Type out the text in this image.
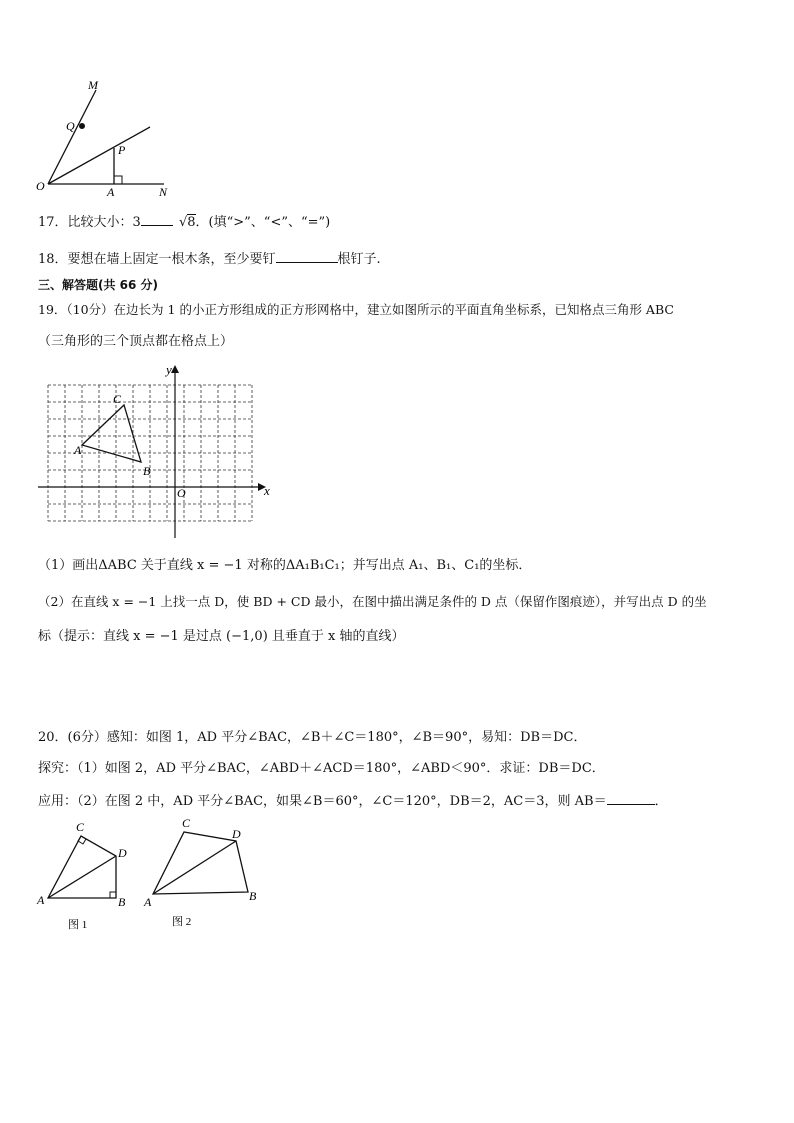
M
Q
P
O	A	N
17．比较大小：3	√8．(填“>”、“<”、“=”)
18．要想在墙上固定一根木条，至少要钉	根钉子.
三、解答题(共 66 分)
19．（10分）在边长为 1 的小正方形组成的正方形网格中，建立如图所示的平面直角坐标系，已知格点三角形 ABC
（三角形的三个顶点都在格点上）
y
x
O
A
B
C
（1）画出ΔABC 关于直线 x = −1 对称的ΔA₁B₁C₁；并写出点 A₁、B₁、C₁的坐标．
（2）在直线 x = −1 上找一点 D，使 BD + CD 最小，在图中描出满足条件的 D 点（保留作图痕迹），并写出点 D 的坐
标（提示：直线 x = −1 是过点 (−1,0) 且垂直于 x 轴的直线）
20．(6分）感知：如图 1，AD 平分∠BAC，∠B＋∠C＝180°，∠B＝90°，易知：DB＝DC．
探究：（1）如图 2，AD 平分∠BAC，∠ABD＋∠ACD＝180°，∠ABD＜90°．求证：DB＝DC．
应用：（2）在图 2 中，AD 平分∠BAC，如果∠B＝60°，∠C＝120°，DB＝2，AC＝3，则 AB＝	．
A	B
C
D
图 1
A	B
C
D
图 2
